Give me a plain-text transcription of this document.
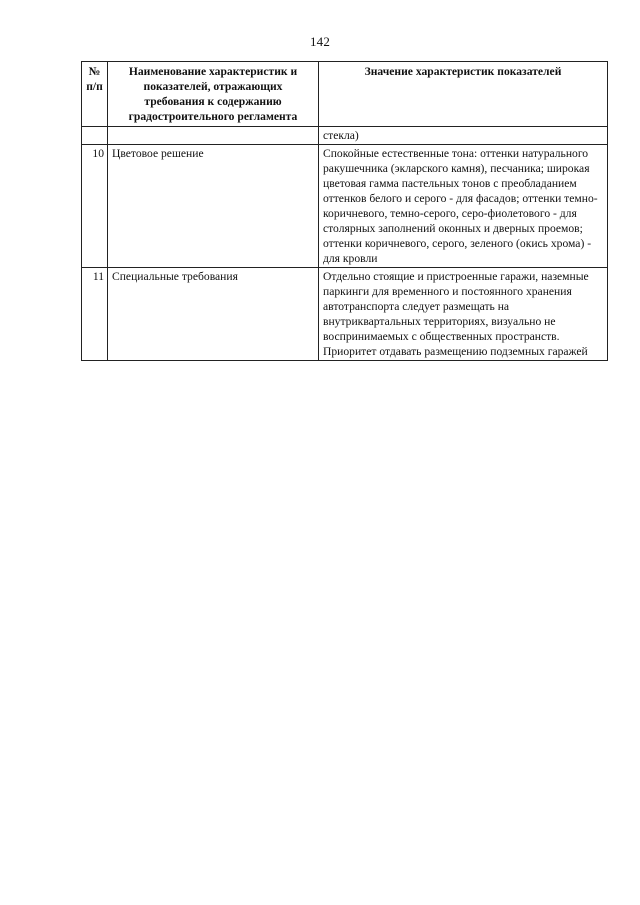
142
№ п/п	Наименование характеристик и показателей, отражающих требования к содержанию градостроительного регламента	Значение характеристик показателей
		стекла)
10	Цветовое решение	Спокойные естественные тона: оттенки натурального ракушечника (экларского камня), песчаника; широкая цветовая гамма пастельных тонов с преобладанием оттенков белого и серого - для фасадов; оттенки темно-коричневого, темно-серого, серо-фиолетового - для столярных заполнений оконных и дверных проемов; оттенки коричневого, серого, зеленого (окись хрома) - для кровли
11	Специальные требования	Отдельно стоящие и пристроенные гаражи, наземные паркинги для временного и постоянного хранения автотранспорта следует размещать на внутриквартальных территориях, визуально не воспринимаемых с общественных пространств. Приоритет отдавать размещению подземных гаражей
